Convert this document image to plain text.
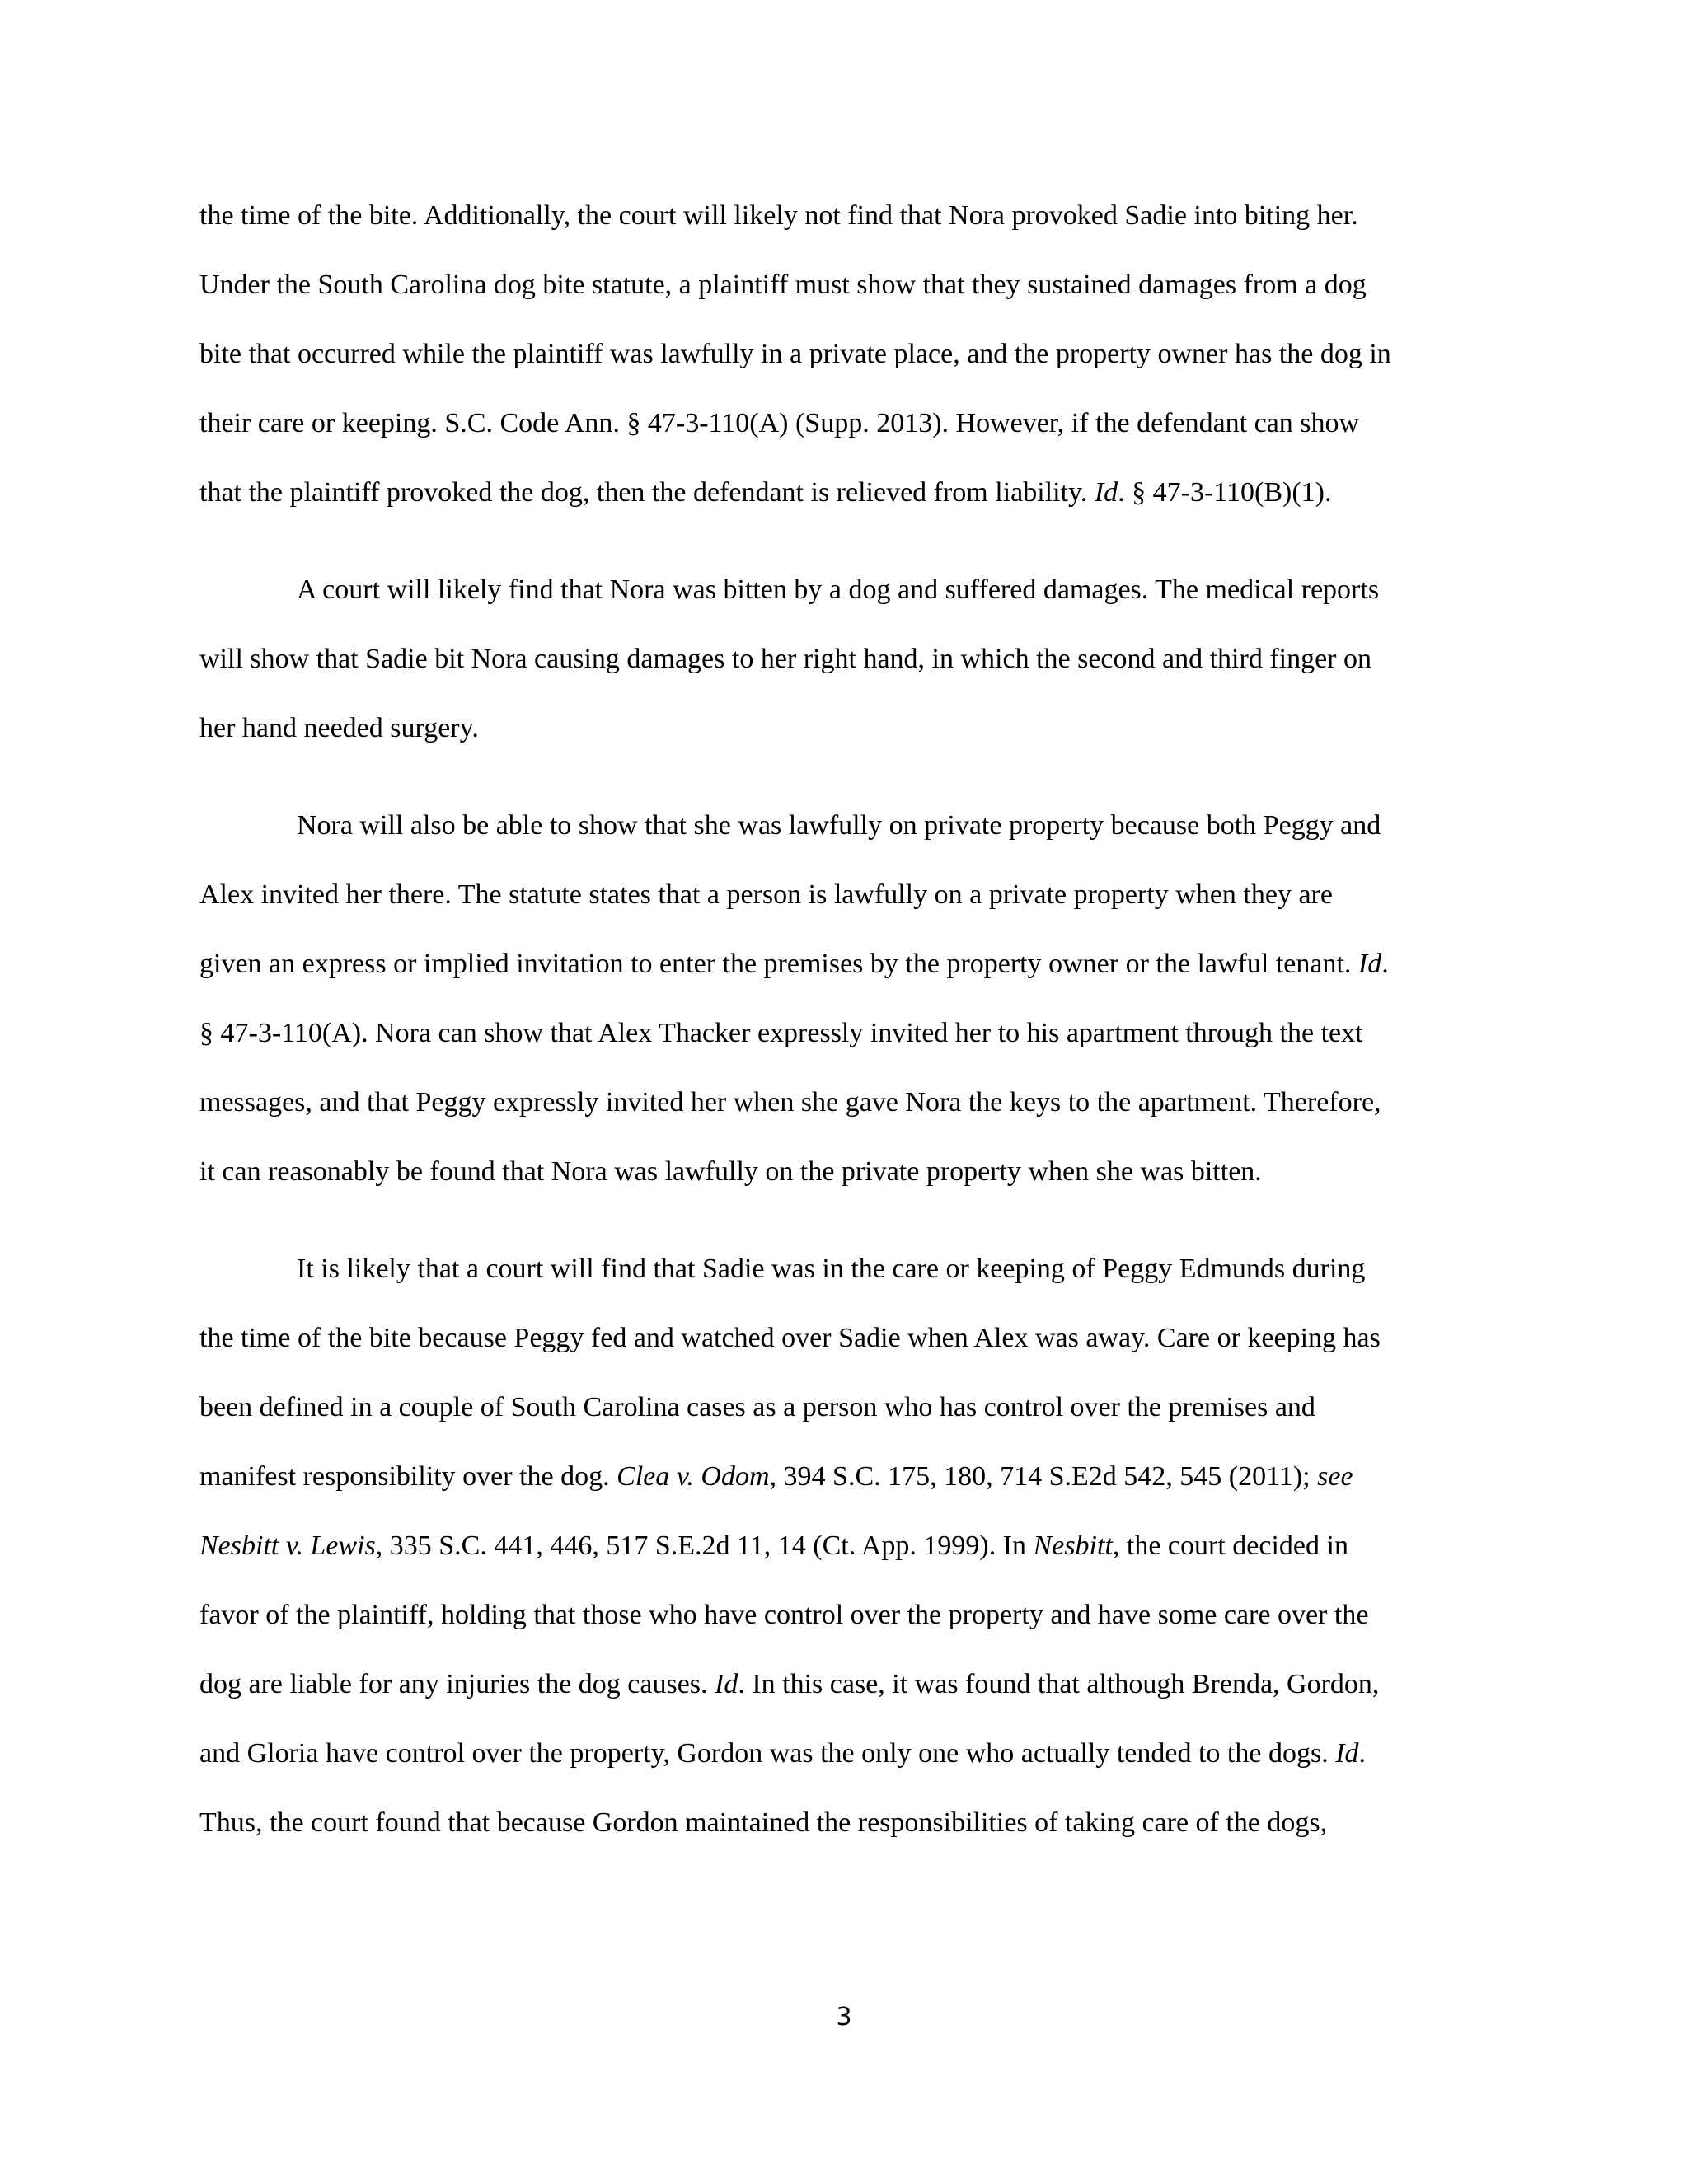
the time of the bite. Additionally, the court will likely not find that Nora provoked Sadie into biting her.
Under the South Carolina dog bite statute, a plaintiff must show that they sustained damages from a dog
bite that occurred while the plaintiff was lawfully in a private place, and the property owner has the dog in
their care or keeping. S.C. Code Ann. § 47-3-110(A) (Supp. 2013). However, if the defendant can show
that the plaintiff provoked the dog, then the defendant is relieved from liability. Id. § 47-3-110(B)(1).
A court will likely find that Nora was bitten by a dog and suffered damages. The medical reports
will show that Sadie bit Nora causing damages to her right hand, in which the second and third finger on
her hand needed surgery.
Nora will also be able to show that she was lawfully on private property because both Peggy and
Alex invited her there. The statute states that a person is lawfully on a private property when they are
given an express or implied invitation to enter the premises by the property owner or the lawful tenant. Id.
§ 47-3-110(A). Nora can show that Alex Thacker expressly invited her to his apartment through the text
messages, and that Peggy expressly invited her when she gave Nora the keys to the apartment. Therefore,
it can reasonably be found that Nora was lawfully on the private property when she was bitten.
It is likely that a court will find that Sadie was in the care or keeping of Peggy Edmunds during
the time of the bite because Peggy fed and watched over Sadie when Alex was away. Care or keeping has
been defined in a couple of South Carolina cases as a person who has control over the premises and
manifest responsibility over the dog. Clea v. Odom, 394 S.C. 175, 180, 714 S.E2d 542, 545 (2011); see
Nesbitt v. Lewis, 335 S.C. 441, 446, 517 S.E.2d 11, 14 (Ct. App. 1999). In Nesbitt, the court decided in
favor of the plaintiff, holding that those who have control over the property and have some care over the
dog are liable for any injuries the dog causes. Id. In this case, it was found that although Brenda, Gordon,
and Gloria have control over the property, Gordon was the only one who actually tended to the dogs. Id.
Thus, the court found that because Gordon maintained the responsibilities of taking care of the dogs,
3
